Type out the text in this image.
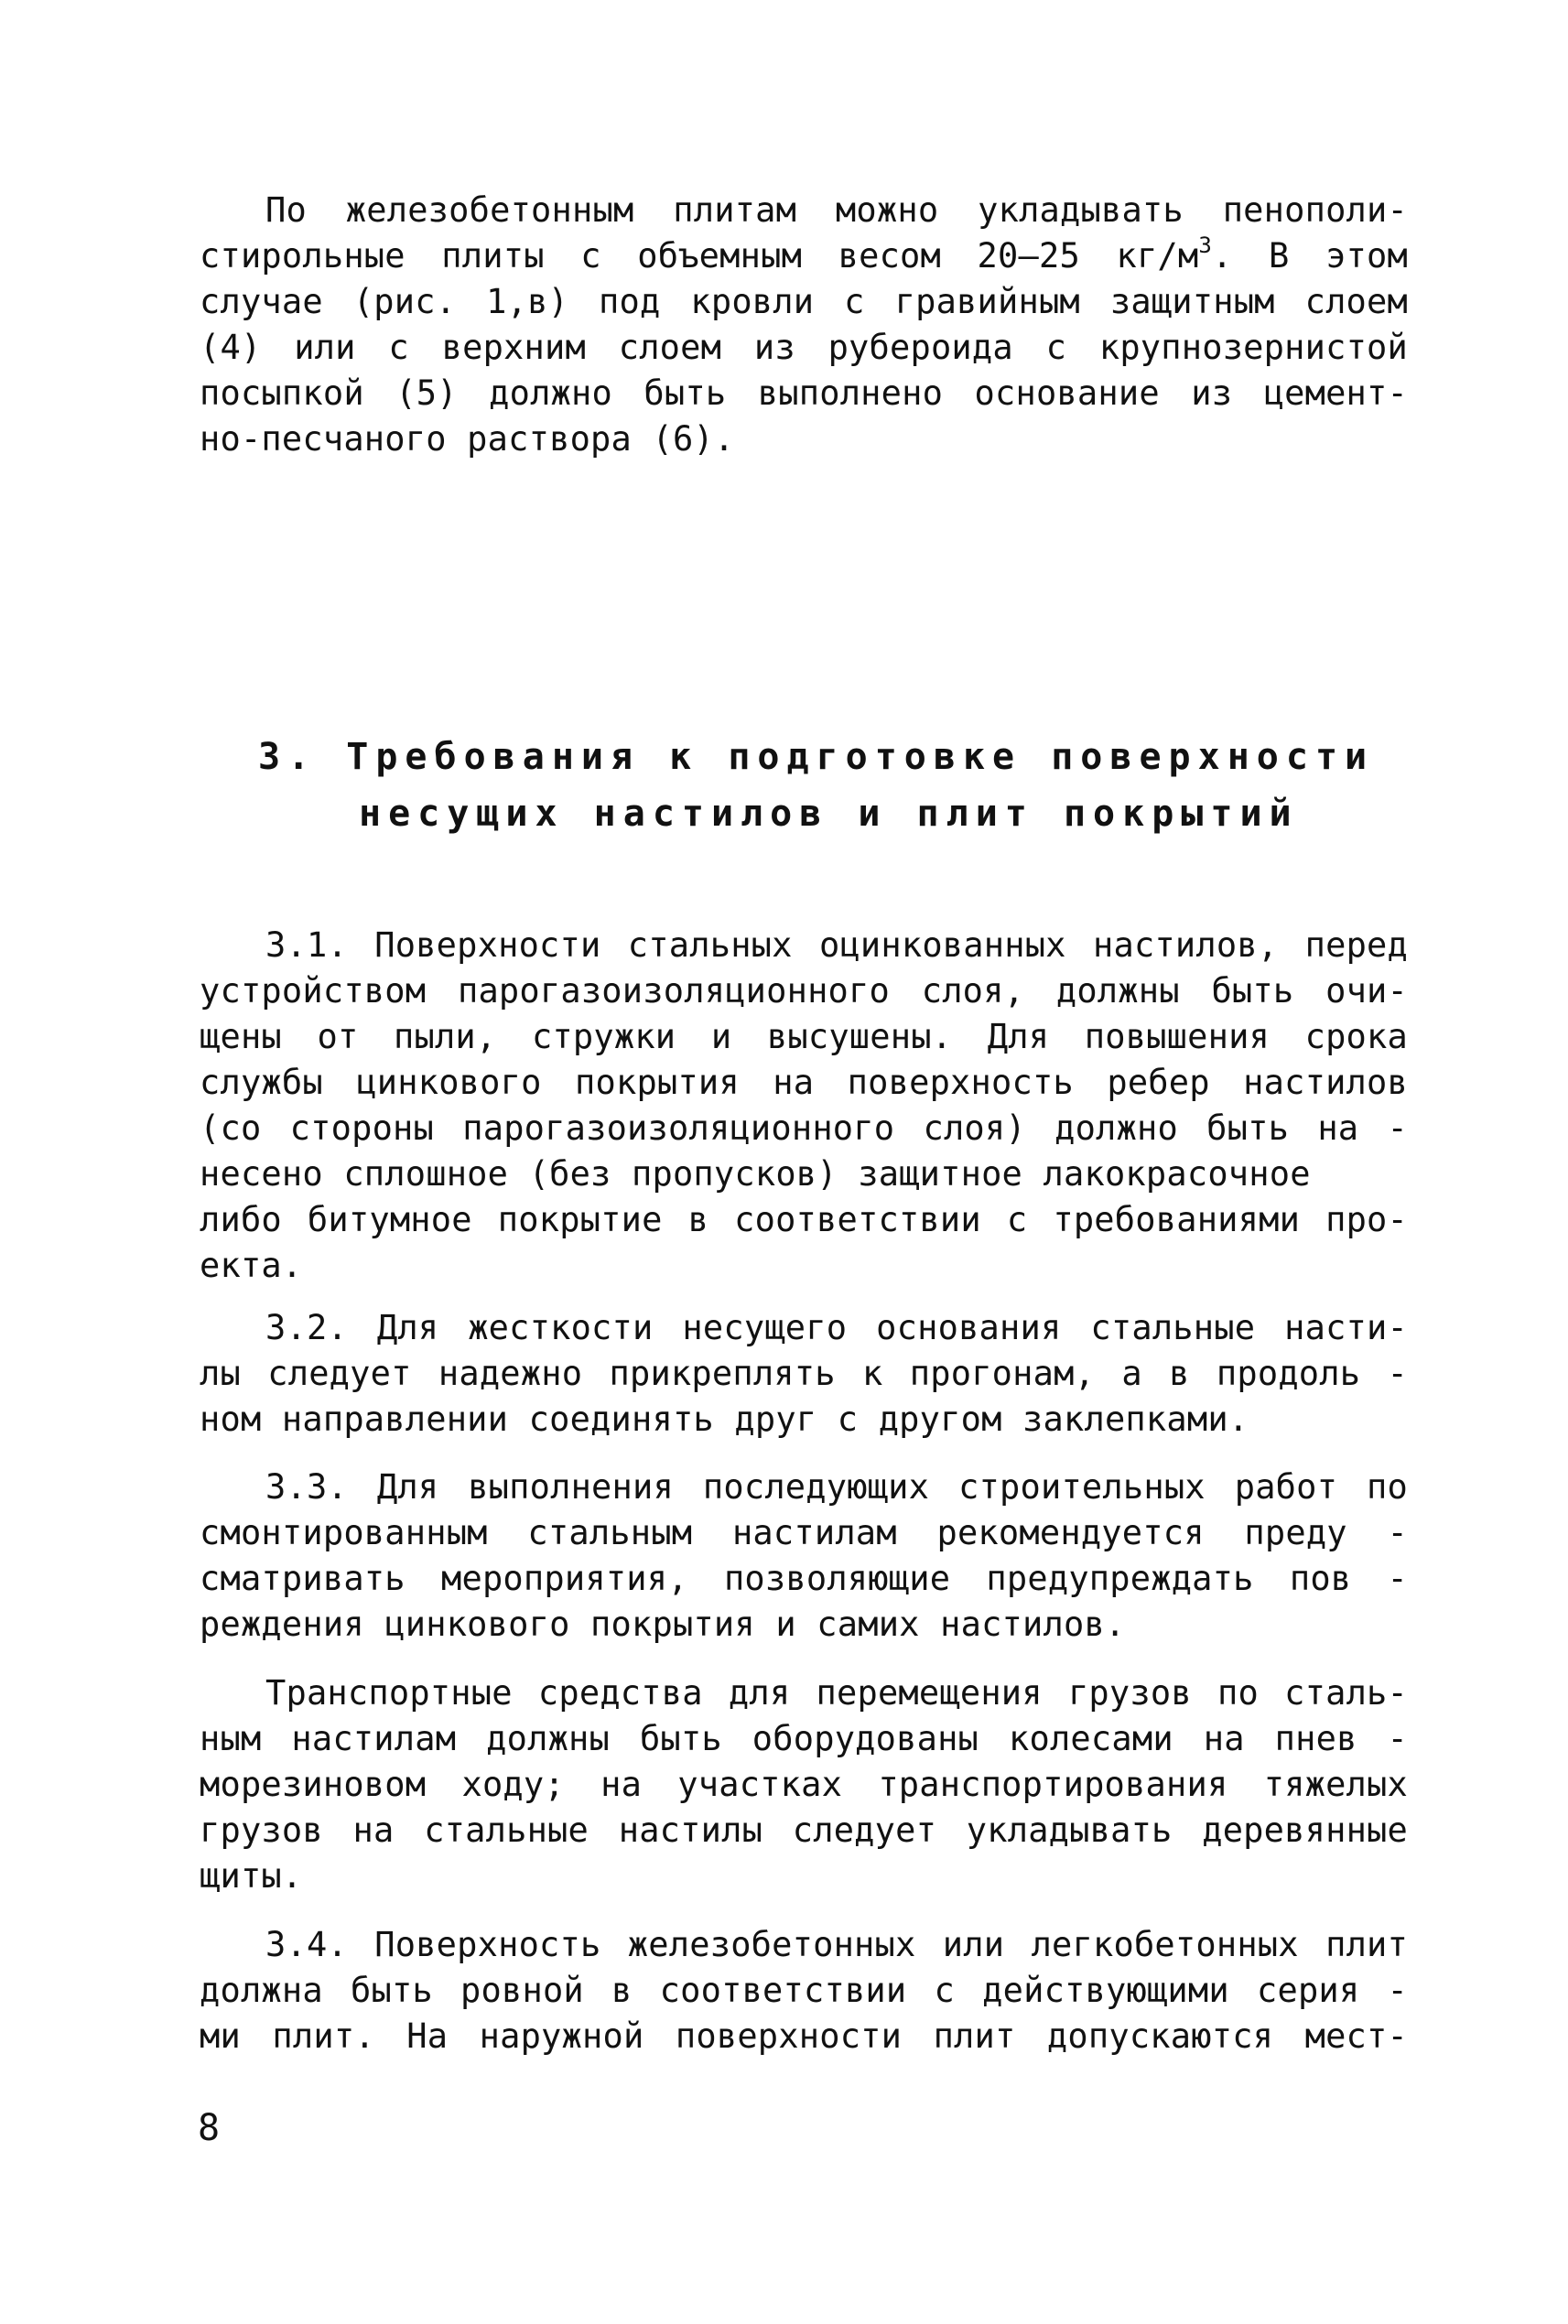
По железобетонным плитам можно укладывать пенополи-
стирольные плиты с объемным весом 20–25 $кг/м^3$. В этом
случае (рис. 1,в) под кровли с гравийным защитным слоем
(4) или с верхним слоем из рубероида с крупнозернистой
посыпкой (5) должно быть выполнено основание из цемент-
но-песчаного раствора (6).
3. Требования к подготовке поверхности
несущих настилов и плит покрытий
3.1. Поверхности стальных оцинкованных настилов, перед
устройством парогазоизоляционного слоя, должны быть очи-
щены от пыли, стружки и высушены. Для повышения срока
службы цинкового покрытия на поверхность ребер настилов
(со стороны парогазоизоляционного слоя) должно быть на -
несено сплошное (без пропусков) защитное лакокрасочное
либо битумное покрытие в соответствии с требованиями про-
екта.
3.2. Для жесткости несущего основания стальные насти-
лы следует надежно прикреплять к прогонам, а в продоль -
ном направлении соединять друг с другом заклепками.
3.3. Для выполнения последующих строительных работ по
смонтированным стальным настилам рекомендуется преду -
сматривать мероприятия, позволяющие предупреждать пов -
реждения цинкового покрытия и самих настилов.
Транспортные средства для перемещения грузов по сталь-
ным настилам должны быть оборудованы колесами на пнев -
морезиновом ходу; на участках транспортирования тяжелых
грузов на стальные настилы следует укладывать деревянные
щиты.
3.4. Поверхность железобетонных или легкобетонных плит
должна быть ровной в соответствии с действующими серия -
ми плит. На наружной поверхности плит допускаются мест-
8
